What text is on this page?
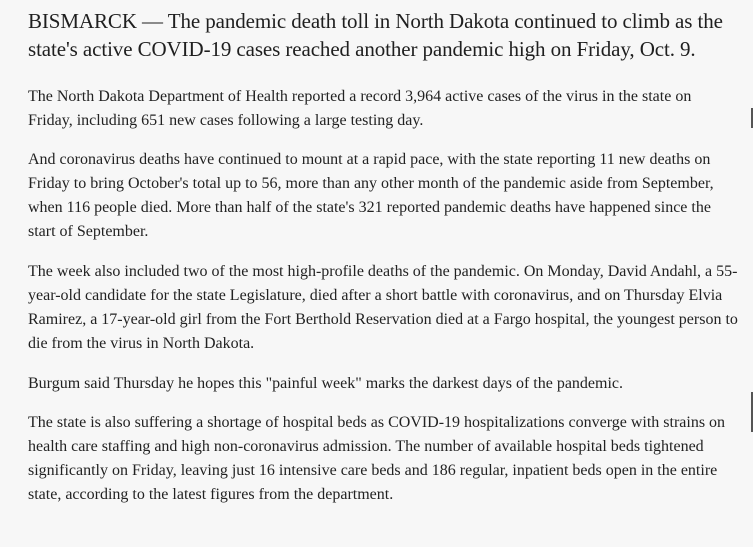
BISMARCK — The pandemic death toll in North Dakota continued to climb as the state's active COVID-19 cases reached another pandemic high on Friday, Oct. 9.

The North Dakota Department of Health reported a record 3,964 active cases of the virus in the state on Friday, including 651 new cases following a large testing day.

And coronavirus deaths have continued to mount at a rapid pace, with the state reporting 11 new deaths on Friday to bring October's total up to 56, more than any other month of the pandemic aside from September, when 116 people died. More than half of the state's 321 reported pandemic deaths have happened since the start of September.

The week also included two of the most high-profile deaths of the pandemic. On Monday, David Andahl, a 55-year-old candidate for the state Legislature, died after a short battle with coronavirus, and on Thursday Elvia Ramirez, a 17-year-old girl from the Fort Berthold Reservation died at a Fargo hospital, the youngest person to die from the virus in North Dakota.

Burgum said Thursday he hopes this "painful week" marks the darkest days of the pandemic.

The state is also suffering a shortage of hospital beds as COVID-19 hospitalizations converge with strains on health care staffing and high non-coronavirus admission. The number of available hospital beds tightened significantly on Friday, leaving just 16 intensive care beds and 186 regular, inpatient beds open in the entire state, according to the latest figures from the department.
